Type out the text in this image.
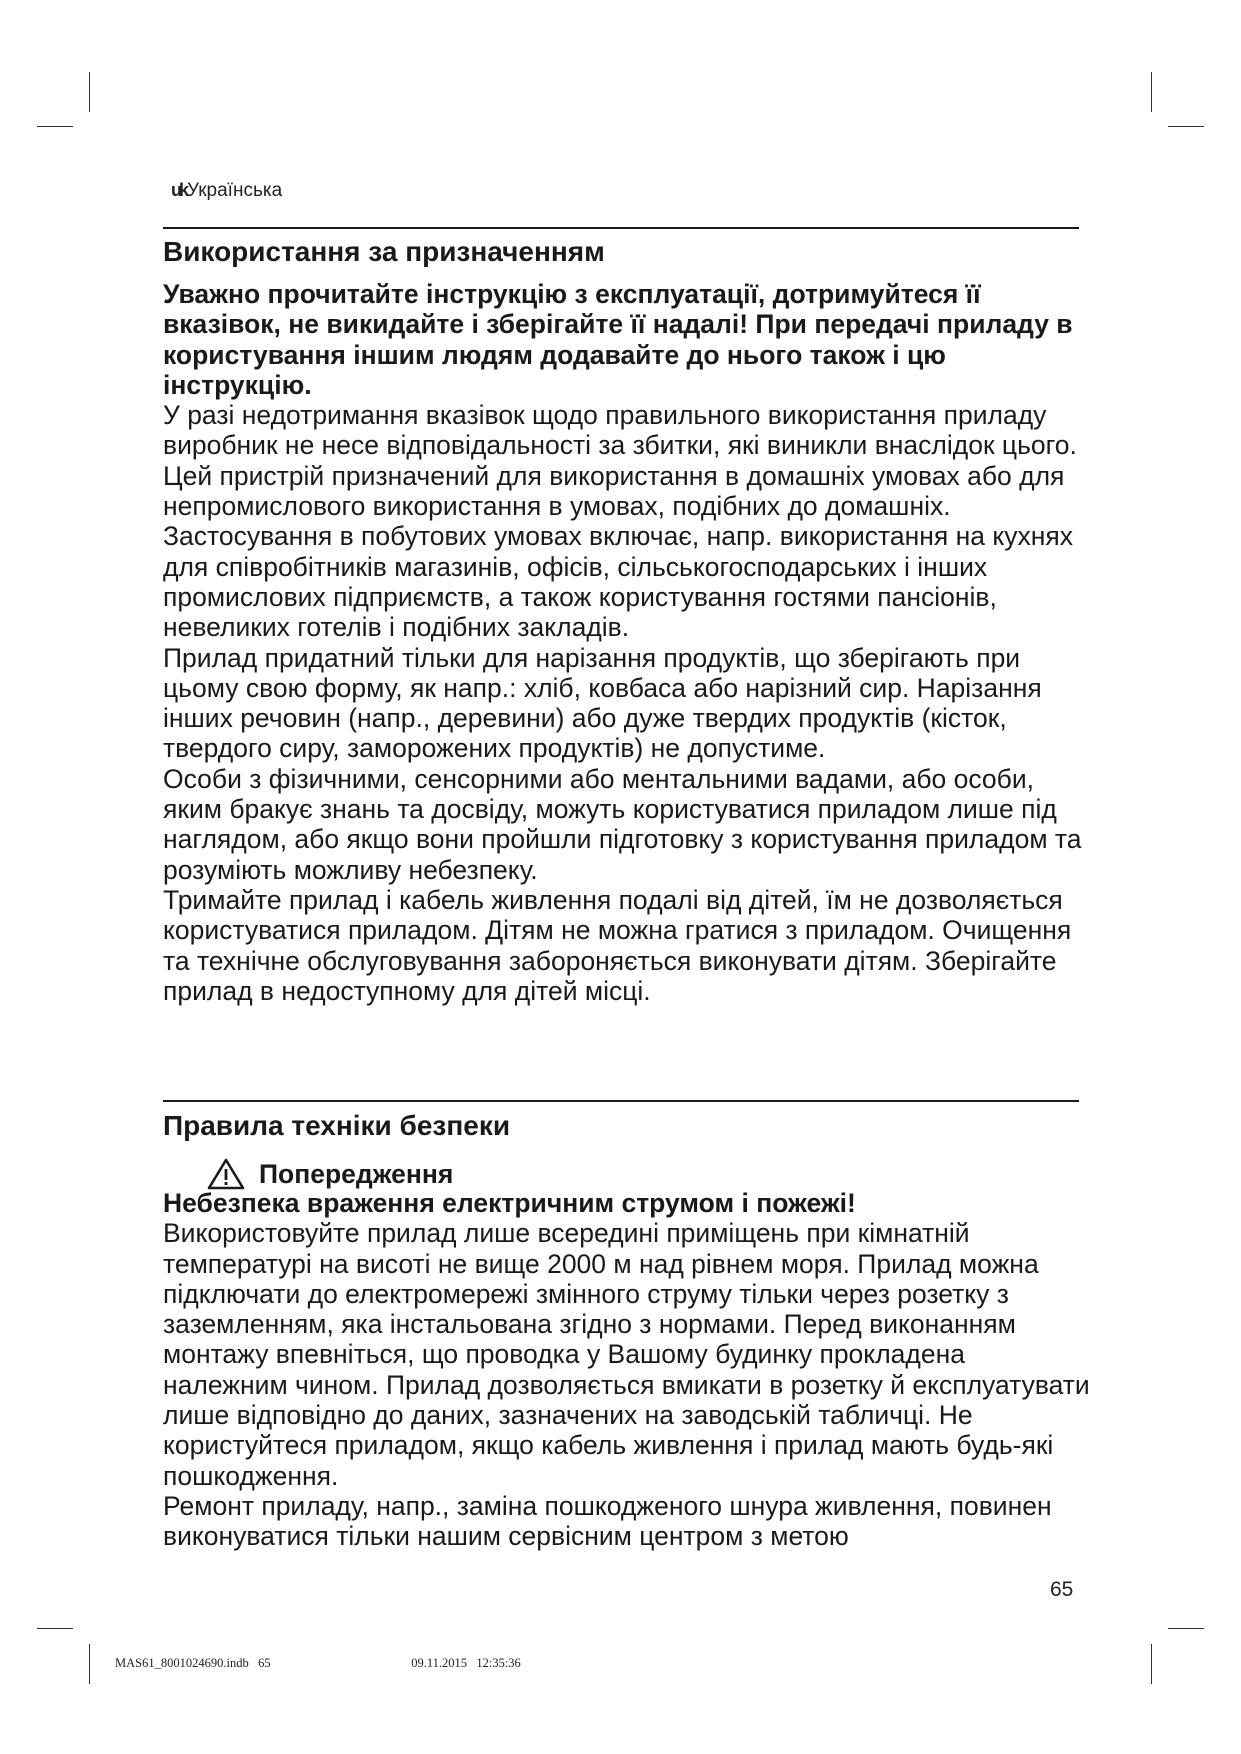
ukУкраїнська
Використання за призначенням

Уважно прочитайте інструкцію з експлуатації, дотримуйтеся її вказівок, не викидайте і зберігайте її надалі! При передачі приладу в користування іншим людям додавайте до нього також і цю інструкцію.

У разі недотримання вказівок щодо правильного використання приладу виробник не несе відповідальності за збитки, які виникли внаслідок цього.

Цей пристрій призначений для використання в домашніх умовах або для непромислового використання в умовах, подібних до домашніх. Застосування в побутових умовах включає, напр. використання на кухнях для співробітників магазинів, офісів, сільськогосподарських і інших промислових підприємств, а також користування гостями пансіонів, невеликих готелів і подібних закладів.

Прилад придатний тільки для нарізання продуктів, що зберігають при цьому свою форму, як напр.: хліб, ковбаса або нарізний сир. Нарізання інших речовин (напр., деревини) або дуже твердих продуктів (кісток, твердого сиру, заморожених продуктів) не допустиме.

Особи з фізичними, сенсорними або ментальними вадами, або особи, яким бракує знань та досвіду, можуть користуватися приладом лише під наглядом, або якщо вони пройшли підготовку з користування приладом та розуміють можливу небезпеку.

Тримайте прилад і кабель живлення подалі від дітей, їм не дозволяється користуватися приладом. Дітям не можна гратися з приладом. Очищення та технічне обслуговування забороняється виконувати дітям. Зберігайте прилад в недоступному для дітей місці.

Правила техніки безпеки
Попередження

Небезпека враження електричним струмом і пожежі!

Використовуйте прилад лише всередині приміщень при кімнатній температурі на висоті не вище 2000 м над рівнем моря. Прилад можна підключати до електромережі змінного струму тільки через розетку з заземленням, яка інстальована згідно з нормами. Перед виконанням монтажу впевніться, що проводка у Вашому будинку прокладена належним чином. Прилад дозволяється вмикати в розетку й експлуатувати лише відповідно до даних, зазначених на заводській табличці. Не користуйтеся приладом, якщо кабель живлення і прилад мають будь-які пошкодження.

Ремонт приладу, напр., заміна пошкодженого шнура живлення, повинен виконуватися тільки нашим сервісним центром з метою

65
MAS61_8001024690.indb   65                                             09.11.2015   12:35:36
